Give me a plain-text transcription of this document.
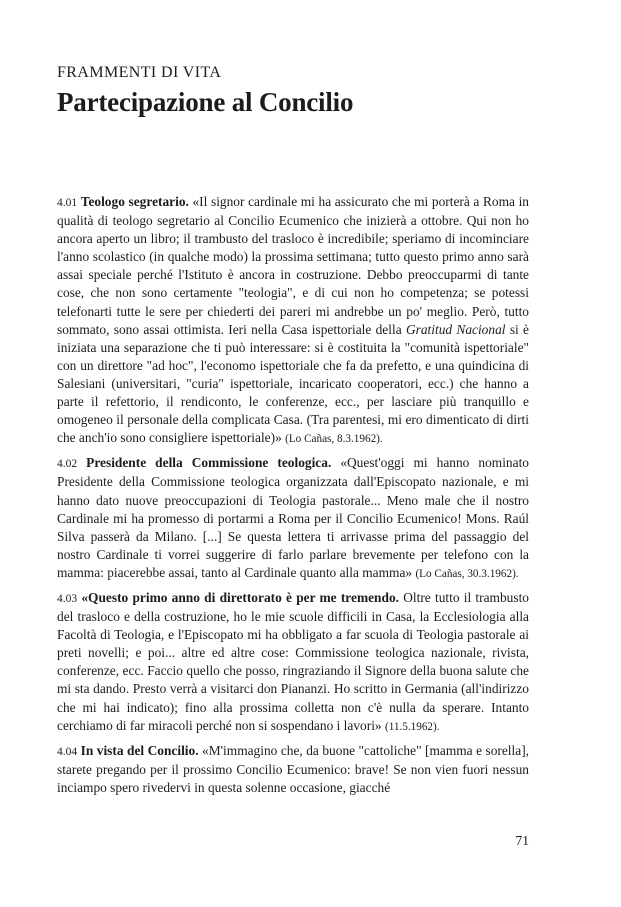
FRAMMENTI DI VITA
Partecipazione al Concilio

4.01 Teologo segretario. «Il signor cardinale mi ha assicurato che mi porterà a Roma in qualità di teologo segretario al Concilio Ecumenico che inizierà a ottobre. Qui non ho ancora aperto un libro; il trambusto del trasloco è incredibile; speriamo di incominciare l'anno scolastico (in qualche modo) la prossima settimana; tutto questo primo anno sarà assai speciale perché l'Istituto è ancora in costruzione. Debbo preoccuparmi di tante cose, che non sono certamente "teologia", e di cui non ho competenza; se potessi telefonarti tutte le sere per chiederti dei pareri mi andrebbe un po' meglio. Però, tutto sommato, sono assai ottimista. Ieri nella Casa ispettoriale della Gratitud Nacional si è iniziata una separazione che ti può interessare: si è costituita la "comunità ispettoriale" con un direttore "ad hoc", l'economo ispettoriale che fa da prefetto, e una quindicina di Salesiani (universitari, "curia" ispettoriale, incaricato cooperatori, ecc.) che hanno a parte il refettorio, il rendiconto, le conferenze, ecc., per lasciare più tranquillo e omogeneo il personale della complicata Casa. (Tra parentesi, mi ero dimenticato di dirti che anch'io sono consigliere ispettoriale)» (Lo Cañas, 8.3.1962).

4.02 Presidente della Commissione teologica. «Quest'oggi mi hanno nominato Presidente della Commissione teologica organizzata dall'Episcopato nazionale, e mi hanno dato nuove preoccupazioni di Teologia pastorale... Meno male che il nostro Cardinale mi ha promesso di portarmi a Roma per il Concilio Ecumenico! Mons. Raúl Silva passerà da Milano. [...] Se questa lettera ti arrivasse prima del passaggio del nostro Cardinale ti vorrei suggerire di farlo parlare brevemente per telefono con la mamma: piacerebbe assai, tanto al Cardinale quanto alla mamma» (Lo Cañas, 30.3.1962).

4.03 «Questo primo anno di direttorato è per me tremendo. Oltre tutto il trambusto del trasloco e della costruzione, ho le mie scuole difficili in Casa, la Ecclesiologia alla Facoltà di Teologia, e l'Episcopato mi ha obbligato a far scuola di Teologia pastorale ai preti novelli; e poi... altre ed altre cose: Commissione teologica nazionale, rivista, conferenze, ecc. Faccio quello che posso, ringraziando il Signore della buona salute che mi sta dando. Presto verrà a visitarci don Piananzi. Ho scritto in Germania (all'indirizzo che mi hai indicato); fino alla prossima colletta non c'è nulla da sperare. Intanto cerchiamo di far miracoli perché non si sospendano i lavori» (11.5.1962).

4.04 In vista del Concilio. «M'immagino che, da buone "cattoliche" [mamma e sorella], starete pregando per il prossimo Concilio Ecumenico: brave! Se non vien fuori nessun inciampo spero rivedervi in questa solenne occasione, giacché

71
